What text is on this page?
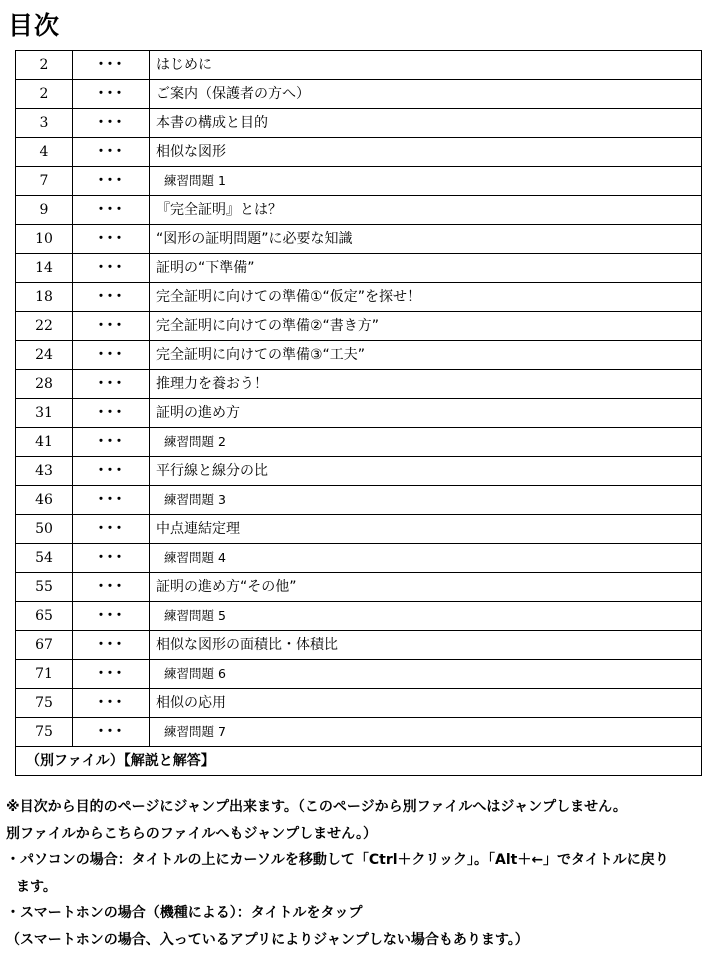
目次
2	･･･	はじめに
2	･･･	ご案内（保護者の方へ）
3	･･･	本書の構成と目的
4	･･･	相似な図形
7	･･･	練習問題 1
9	･･･	『完全証明』とは？
10	･･･	“図形の証明問題”に必要な知識
14	･･･	証明の“下準備”
18	･･･	完全証明に向けての準備①“仮定”を探せ！
22	･･･	完全証明に向けての準備②“書き方”
24	･･･	完全証明に向けての準備③“工夫”
28	･･･	推理力を養おう！
31	･･･	証明の進め方
41	･･･	練習問題 2
43	･･･	平行線と線分の比
46	･･･	練習問題 3
50	･･･	中点連結定理
54	･･･	練習問題 4
55	･･･	証明の進め方“その他”
65	･･･	練習問題 5
67	･･･	相似な図形の面積比・体積比
71	･･･	練習問題 6
75	･･･	相似の応用
75	･･･	練習問題 7
（別ファイル）【解説と解答】		

※目次から目的のページにジャンプ出来ます。（このページから別ファイルへはジャンプしません。

別ファイルからこちらのファイルへもジャンプしません。）

・パソコンの場合：タイトルの上にカーソルを移動して「Ctrl＋クリック」。「Alt＋←」でタイトルに戻り

ます。

・スマートホンの場合（機種による）：タイトルをタップ

（スマートホンの場合、入っているアプリによりジャンプしない場合もあります。）
